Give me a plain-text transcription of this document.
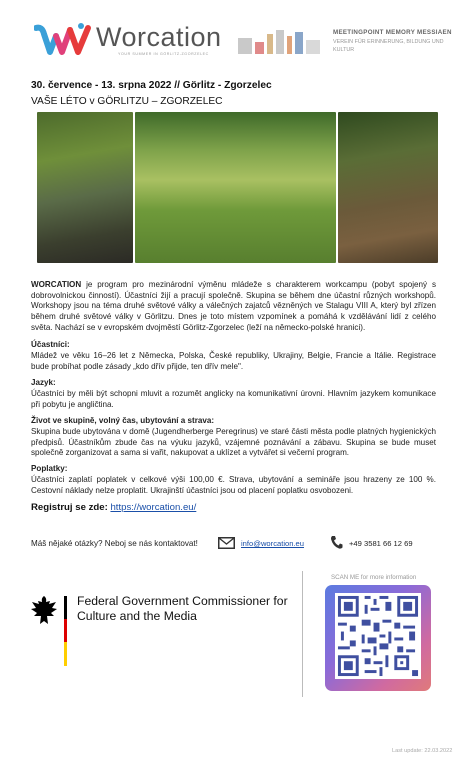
Worcation
YOUR SUMMER IN GÖRLITZ-ZGORZELEC
MEETINGPOINT MEMORY MESSIAEN
VEREIN FÜR ERINNERUNG, BILDUNG UND KULTUR
30. července - 13. srpna 2022 // Görlitz - Zgorzelec
VAŠE LÉTO v GÖRLITZU – ZGORZELEC
WORCATION je program pro mezinárodní výměnu mládeže s charakterem workcampu (pobyt spojený s dobrovolnickou činností). Účastníci žijí a pracují společně. Skupina se během dne účastní různých workshopů. Workshopy jsou na téma druhé světové války a válečných zajatců vězněných ve Stalagu VIII A, který byl zřízen během druhé světové války v Görlitzu. Dnes je toto místem vzpomínek a pomáhá k vzdělávání lidí z celého světa. Nachází se v evropském dvojměstí Görlitz-Zgorzelec (leží na německo-polské hranici).
Účastníci:
Mládež ve věku 16–26 let z Německa, Polska, České republiky, Ukrajiny, Belgie, Francie a Itálie. Registrace bude probíhat podle zásady „kdo dřív přijde, ten dřív mele".
Jazyk:
Účastníci by měli být schopni mluvit a rozumět anglicky na komunikativní úrovni. Hlavním jazykem komunikace při pobytu je angličtina.
Život ve skupině, volný čas, ubytování a strava:
Skupina bude ubytována v domě (Jugendherberge Peregrinus) ve staré části města podle platných hygienických předpisů. Účastníkům zbude čas na výuku jazyků, vzájemné poznávání a zábavu. Skupina se bude muset společně zorganizovat a sama si vařit, nakupovat a uklízet a vytvářet si večerní program.
Poplatky:
Účastníci zaplatí poplatek v celkové výši 100,00 €. Strava, ubytování a semináře jsou hrazeny ze 100 %. Cestovní náklady nelze proplatit. Ukrajinští účastníci jsou od placení poplatku osvobozeni.
Registruj se zde: https://worcation.eu/
Máš nějaké otázky? Neboj se nás kontaktovat!	info@worcation.eu	+49 3581 66 12 69
Federal Government Commissioner for Culture and the Media
SCAN ME for more information
Last update: 22.03.2022
